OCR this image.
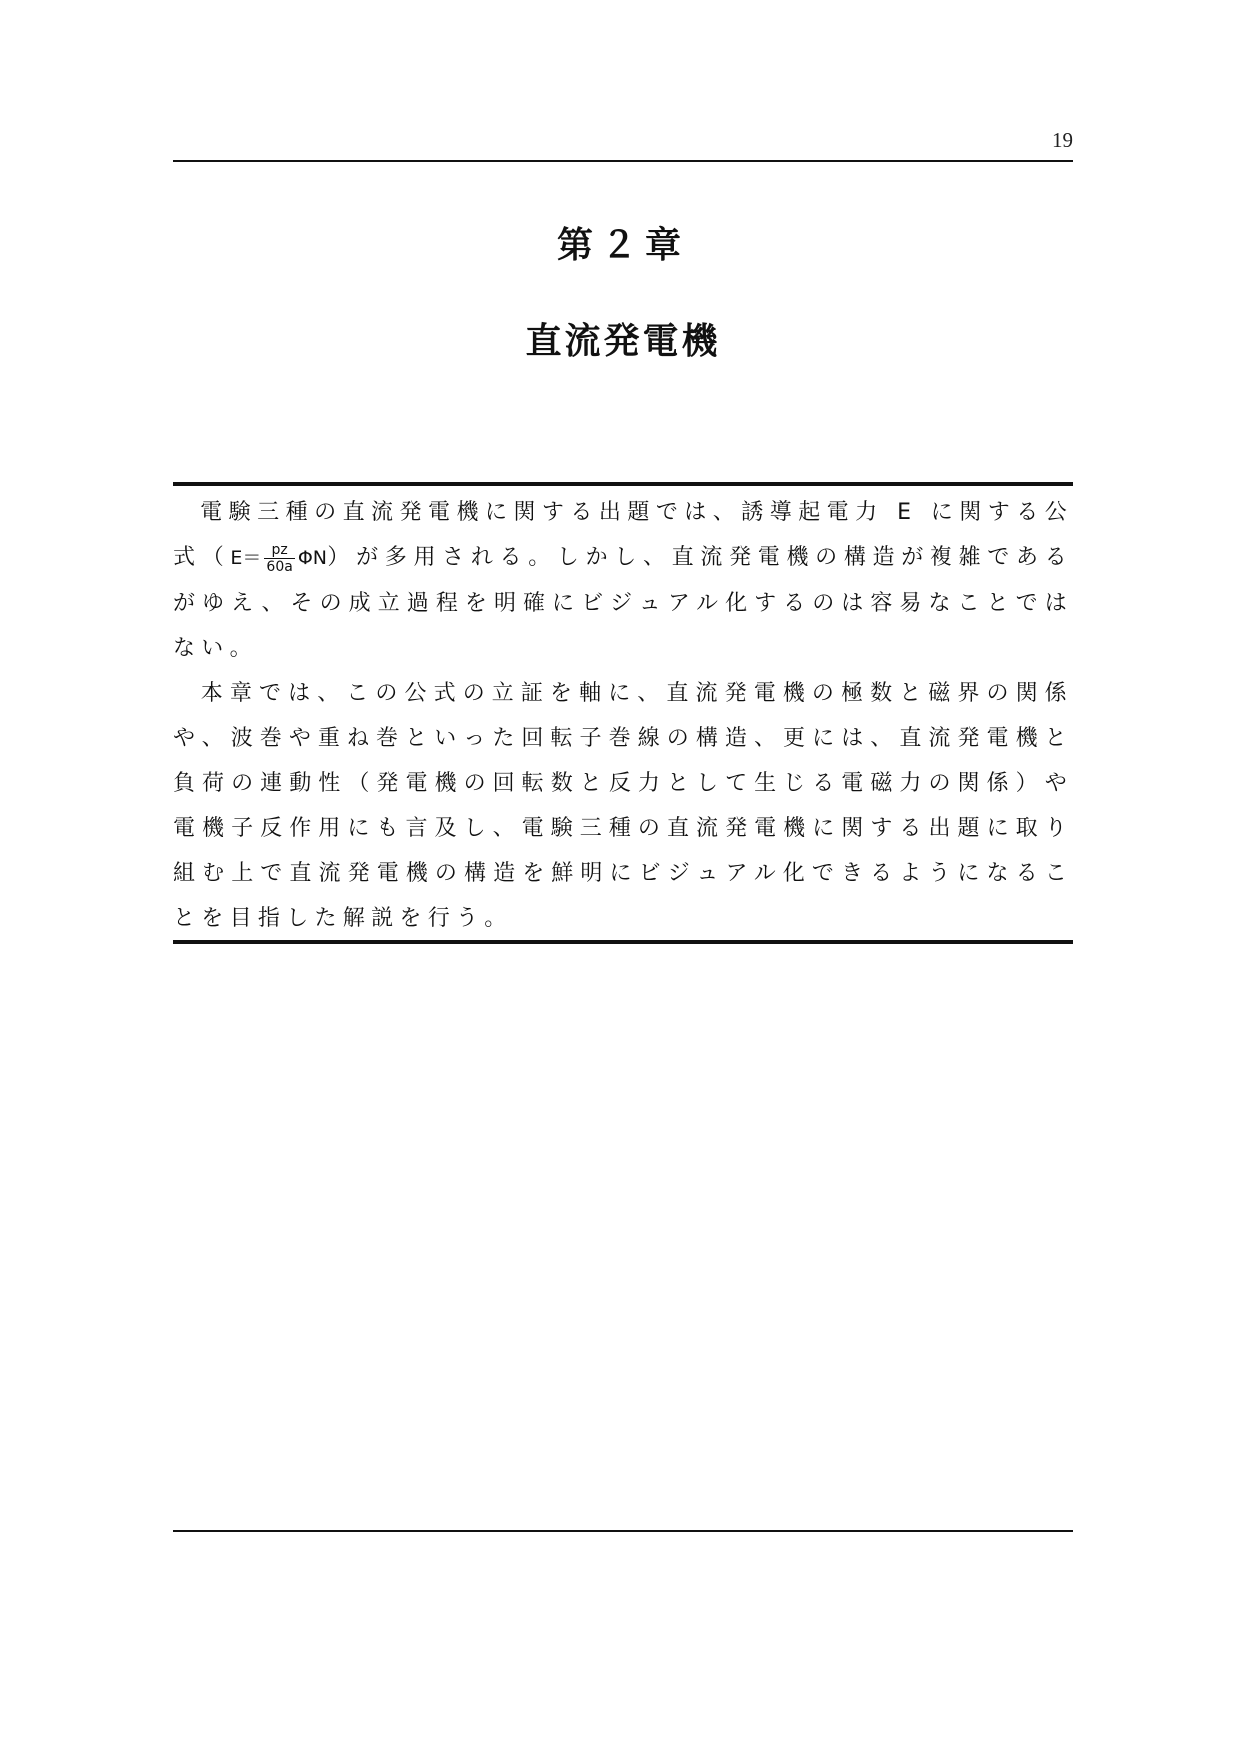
19
第２章
直流発電機

電験三種の直流発電機に関する出題では、誘導起電力 E に関する公式$(E= \frac{pz}{60a} \Phi N)$が多用される。しかし、直流発電機の構造が複雑であるがゆえ、その成立過程を明確にビジュアル化するのは容易なことではない。

本章では、この公式の立証を軸に、直流発電機の極数と磁界の関係や、波巻や重ね巻といった回転子巻線の構造、更には、直流発電機と負荷の連動性（発電機の回転数と反力として生じる電磁力の関係）や電機子反作用にも言及し、電験三種の直流発電機に関する出題に取り組む上で直流発電機の構造を鮮明にビジュアル化できるようになることを目指した解説を行う。
